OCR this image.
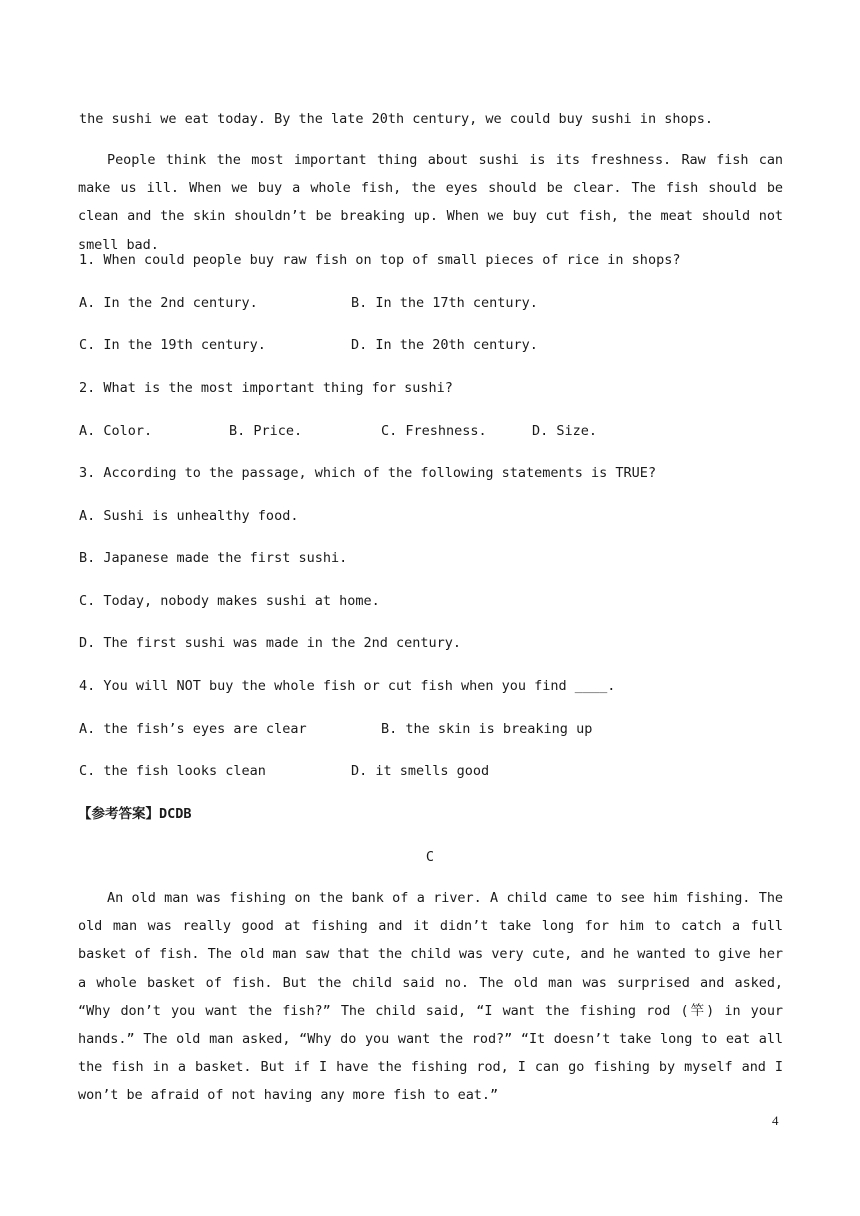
the sushi we eat today. By the late 20th century, we could buy sushi in shops.

People think the most important thing about sushi is its freshness. Raw fish can make us ill. When we buy a whole fish, the eyes should be clear. The fish should be clean and the skin shouldn’t be breaking up. When we buy cut fish, the meat should not smell bad.

1. When could people buy raw fish on top of small pieces of rice in shops?

A. In the 2nd century.

	B. In the 17th century.

C. In the 19th century.

	D. In the 20th century.

2. What is the most important thing for sushi?

A. Color.

	B. Price.

	C. Freshness.

	D. Size.

3. According to the passage, which of the following statements is TRUE?
A. Sushi is unhealthy food.
B. Japanese made the first sushi.
C. Today, nobody makes sushi at home.
D. The first sushi was made in the 2nd century.
4. You will NOT buy the whole fish or cut fish when you find ____.

A. the fish’s eyes are clear

	B. the skin is breaking up

C. the fish looks clean

	D. it smells good

【参考答案】DCDB
C

An old man was fishing on the bank of a river. A child came to see him fishing. The old man was really good at fishing and it didn’t take long for him to catch a full basket of fish. The old man saw that the child was very cute, and he wanted to give her a whole basket of fish. But the child said no. The old man was surprised and asked, “Why don’t you want the fish?” The child said, “I want the fishing rod (竿) in your hands.” The old man asked, “Why do you want the rod?” “It doesn’t take long to eat all the fish in a basket. But if I have the fishing rod, I can go fishing by myself and I won’t be afraid of not having any more fish to eat.”

4
